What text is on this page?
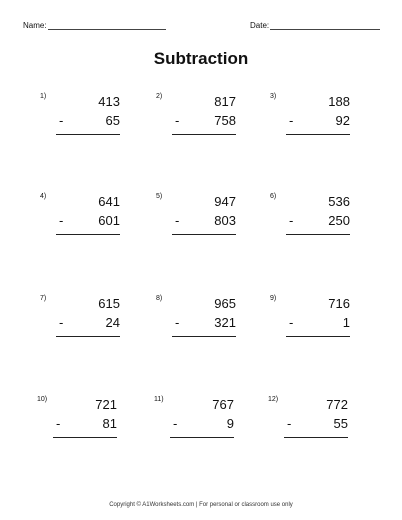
Name:	Date:
Subtraction
1)	413
-	65
2)	817
-	758
3)	188
-	92
4)	641
-	601
5)	947
-	803
6)	536
-	250
7)	615
-	24
8)	965
-	321
9)	716
-	1
10)	721
-	81
11)	767
-	9
12)	772
-	55
Copyright © A1Worksheets.com | For personal or classroom use only
